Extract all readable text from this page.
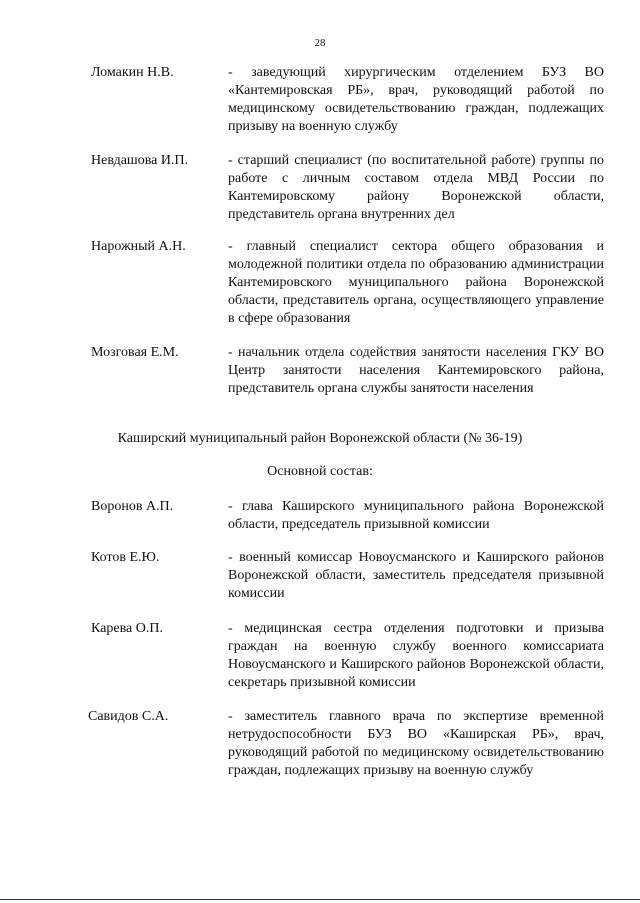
28
Ломакин Н.В.	- заведующий хирургическим отделением БУЗ ВО «Кантемировская РБ», врач, руководящий работой по медицинскому освидетельствованию граждан, подлежащих призыву на военную службу
Невдашова И.П.	- старший специалист (по воспитательной работе) группы по работе с личным составом отдела МВД России по Кантемировскому району Воронежской области, представитель органа внутренних дел
Нарожный А.Н.	- главный специалист сектора общего образования и молодежной политики отдела по образованию администрации Кантемировского муниципального района Воронежской области, представитель органа, осуществляющего управление в сфере образования
Мозговая Е.М.	- начальник отдела содействия занятости населения ГКУ ВО Центр занятости населения Кантемировского района, представитель органа службы занятости населения
Каширский муниципальный район Воронежской области (№ 36-19)
Основной состав:
Воронов А.П.	- глава Каширского муниципального района Воронежской области, председатель призывной комиссии
Котов Е.Ю.	- военный комиссар Новоусманского и Каширского районов Воронежской области, заместитель председателя призывной комиссии
Карева О.П.	- медицинская сестра отделения подготовки и призыва граждан на военную службу военного комиссариата Новоусманского и Каширского районов Воронежской области, секретарь призывной комиссии
Савидов С.А.	- заместитель главного врача по экспертизе временной нетрудоспособности БУЗ ВО «Каширская РБ», врач, руководящий работой по медицинскому освидетельствованию граждан, подлежащих призыву на военную службу
